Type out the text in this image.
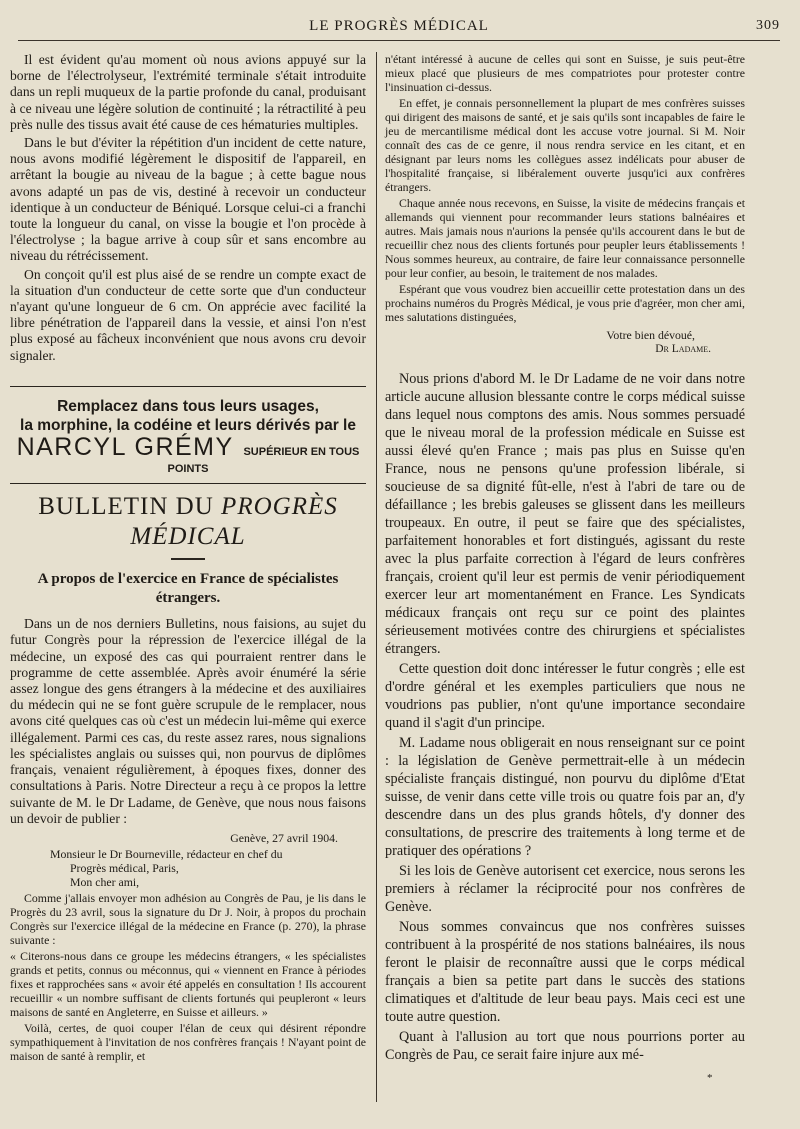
LE PROGRÈS MÉDICAL	309

Il est évident qu'au moment où nous avions appuyé sur la borne de l'électrolyseur, l'extrémité terminale s'était introduite dans un repli muqueux de la partie profonde du canal, produisant à ce niveau une légère solution de continuité ; la rétractilité à peu près nulle des tissus avait été cause de ces hématuries multiples.

Dans le but d'éviter la répétition d'un incident de cette nature, nous avons modifié légèrement le dispositif de l'appareil, en arrêtant la bougie au niveau de la bague ; à cette bague nous avons adapté un pas de vis, destiné à recevoir un conducteur identique à un conducteur de Béniqué. Lorsque celui-ci a franchi toute la longueur du canal, on visse la bougie et l'on procède à l'électrolyse ; la bague arrive à coup sûr et sans encombre au niveau du rétrécissement.

On conçoit qu'il est plus aisé de se rendre un compte exact de la situation d'un conducteur de cette sorte que d'un conducteur n'ayant qu'une longueur de 6 cm. On apprécie avec facilité la libre pénétration de l'appareil dans la vessie, et ainsi l'on n'est plus exposé au fâcheux inconvénient que nous avons cru devoir signaler.

Remplacez dans tous leurs usages,
la morphine, la codéine et leurs dérivés par le
NARCYL GRÉMY SUPÉRIEUR EN TOUS POINTS
BULLETIN DU PROGRÈS MÉDICAL
A propos de l'exercice en France de spécialistes étrangers.

Dans un de nos derniers Bulletins, nous faisions, au sujet du futur Congrès pour la répression de l'exercice illégal de la médecine, un exposé des cas qui pourraient rentrer dans le programme de cette assemblée. Après avoir énuméré la série assez longue des gens étrangers à la médecine et des auxiliaires du médecin qui ne se font guère scrupule de le remplacer, nous avons cité quelques cas où c'est un médecin lui-même qui exerce illégalement. Parmi ces cas, du reste assez rares, nous signalions les spécialistes anglais ou suisses qui, non pourvus de diplômes français, venaient régulièrement, à époques fixes, donner des consultations à Paris. Notre Directeur a reçu à ce propos la lettre suivante de M. le Dr Ladame, de Genève, que nous nous faisons un devoir de publier :

Genève, 27 avril 1904.

Monsieur le Dr Bourneville, rédacteur en chef du

Progrès médical, Paris,

Mon cher ami,

Comme j'allais envoyer mon adhésion au Congrès de Pau, je lis dans le Progrès du 23 avril, sous la signature du Dr J. Noir, à propos du prochain Congrès sur l'exercice illégal de la médecine en France (p. 270), la phrase suivante :

« Citerons-nous dans ce groupe les médecins étrangers, « les spécialistes grands et petits, connus ou méconnus, qui « viennent en France à périodes fixes et rapprochées sans « avoir été appelés en consultation ! Ils accourent recueillir « un nombre suffisant de clients fortunés qui peupleront « leurs maisons de santé en Angleterre, en Suisse et ailleurs. »

Voilà, certes, de quoi couper l'élan de ceux qui désirent répondre sympathiquement à l'invitation de nos confrères français ! N'ayant point de maison de santé à remplir, et

n'étant intéressé à aucune de celles qui sont en Suisse, je suis peut-être mieux placé que plusieurs de mes compatriotes pour protester contre l'insinuation ci-dessus.

En effet, je connais personnellement la plupart de mes confrères suisses qui dirigent des maisons de santé, et je sais qu'ils sont incapables de faire le jeu de mercantilisme médical dont les accuse votre journal. Si M. Noir connaît des cas de ce genre, il nous rendra service en les citant, et en désignant par leurs noms les collègues assez indélicats pour abuser de l'hospitalité française, si libéralement ouverte jusqu'ici aux confrères étrangers.

Chaque année nous recevons, en Suisse, la visite de médecins français et allemands qui viennent pour recommander leurs stations balnéaires et autres. Mais jamais nous n'aurions la pensée qu'ils accourent dans le but de recueillir chez nous des clients fortunés pour peupler leurs établissements ! Nous sommes heureux, au contraire, de faire leur connaissance personnelle pour leur confier, au besoin, le traitement de nos malades.

Espérant que vous voudrez bien accueillir cette protestation dans un des prochains numéros du Progrès Médical, je vous prie d'agréer, mon cher ami, mes salutations distinguées,

Votre bien dévoué,
Dr Ladame.

Nous prions d'abord M. le Dr Ladame de ne voir dans notre article aucune allusion blessante contre le corps médical suisse dans lequel nous comptons des amis. Nous sommes persuadé que le niveau moral de la profession médicale en Suisse est aussi élevé qu'en France ; mais pas plus en Suisse qu'en France, nous ne pensons qu'une profession libérale, si soucieuse de sa dignité fût-elle, n'est à l'abri de tare ou de défaillance ; les brebis galeuses se glissent dans les meilleurs troupeaux. En outre, il peut se faire que des spécialistes, parfaitement honorables et fort distingués, agissant du reste avec la plus parfaite correction à l'égard de leurs confrères français, croient qu'il leur est permis de venir périodiquement exercer leur art momentanément en France. Les Syndicats médicaux français ont reçu sur ce point des plaintes sérieusement motivées contre des chirurgiens et spécialistes étrangers.

Cette question doit donc intéresser le futur congrès ; elle est d'ordre général et les exemples particuliers que nous ne voudrions pas publier, n'ont qu'une importance secondaire quand il s'agit d'un principe.

M. Ladame nous obligerait en nous renseignant sur ce point : la législation de Genève permettrait-elle à un médecin spécialiste français distingué, non pourvu du diplôme d'Etat suisse, de venir dans cette ville trois ou quatre fois par an, d'y descendre dans un des plus grands hôtels, d'y donner des consultations, de prescrire des traitements à long terme et de pratiquer des opérations ?

Si les lois de Genève autorisent cet exercice, nous serons les premiers à réclamer la réciprocité pour nos confrères de Genève.

Nous sommes convaincus que nos confrères suisses contribuent à la prospérité de nos stations balnéaires, ils nous feront le plaisir de reconnaître aussi que le corps médical français a bien sa petite part dans le succès des stations climatiques et d'altitude de leur beau pays. Mais ceci est une toute autre question.

Quant à l'allusion au tort que nous pourrions porter au Congrès de Pau, ce serait faire injure aux mé-

*
